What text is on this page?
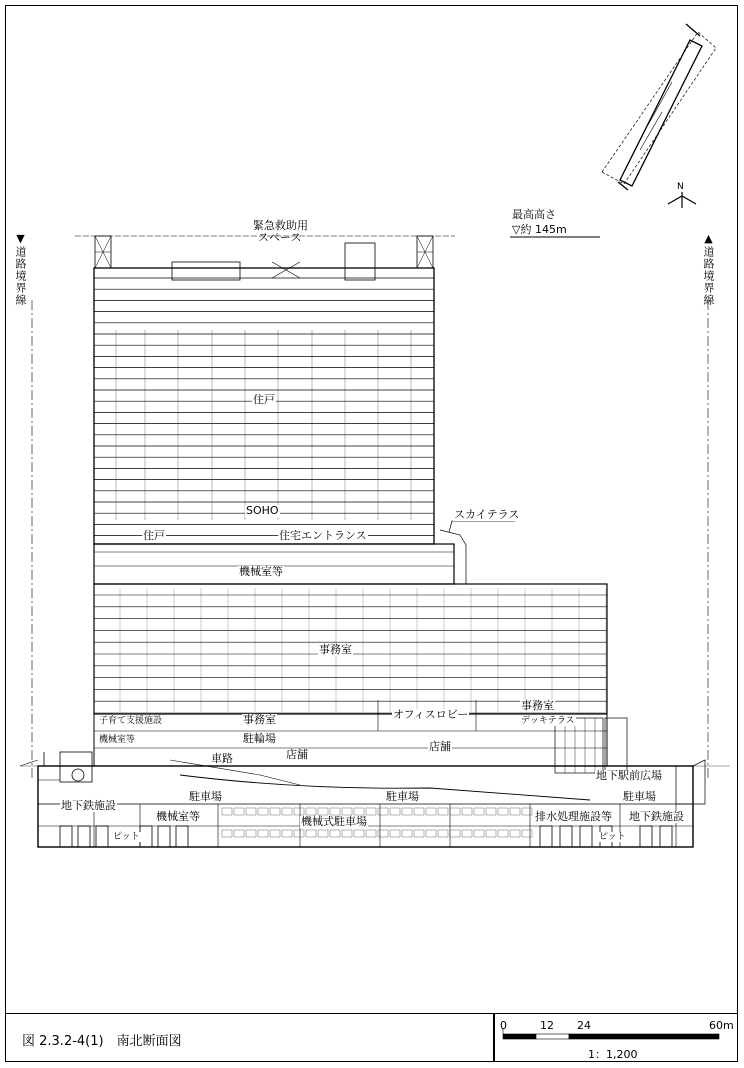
図 2.3.2-4(1)　南北断面図
0	12 24	60m
1：1,200
N
▼道路境界線	▲道路境界線
最高高さ
▽約 145m
緊急救助用
スペース
住戸
SOHO
住戸	住宅エントランス
スカイテラス
機械室等
事務室
子育て支援施設	事務室	オフィスロビー
事務室
デッキテラス
機械室等	駐輪場
店舗
店舗
車路
地下駅前広場
地下鉄施設
駐車場	駐車場	駐車場
ピット
機械室等	機械式駐車場	排水処理施設等
ピット
地下鉄施設
